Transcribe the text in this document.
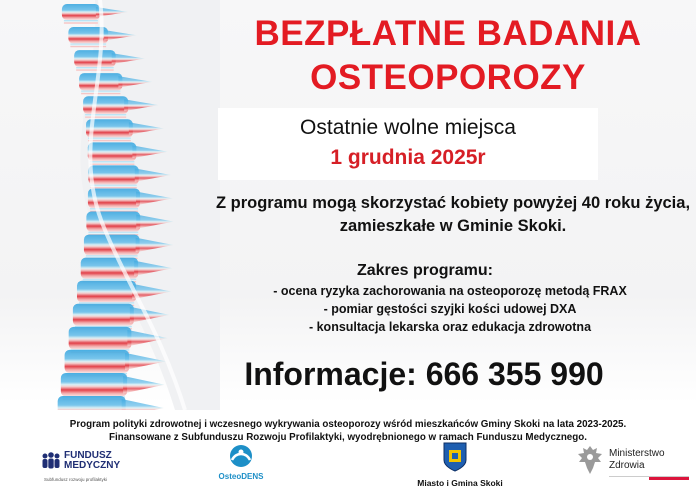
BEZPŁATNE BADANIA
OSTEOPOROZY
Ostatnie wolne miejsca
1 grudnia 2025r
Z programu mogą skorzystać kobiety powyżej 40 roku życia,
zamieszkałe w Gminie Skoki.
Zakres programu:
- ocena ryzyka zachorowania na osteoporozę metodą FRAX
- pomiar gęstości szyjki kości udowej DXA
- konsultacja lekarska oraz edukacja zdrowotna
Informacje: 666 355 990
Program polityki zdrowotnej i wczesnego wykrywania osteoporozy wśród mieszkańców Gminy Skoki na lata 2023-2025.
Finansowane z Subfunduszu Rozwoju Profilaktyki, wyodrębnionego w ramach Funduszu Medycznego.
FUNDUSZ
MEDYCZNY
Subfundusz rozwoju profilaktyki	OsteoDENS
Miasto i Gmina Skoki
Ministerstwo
Zdrowia
